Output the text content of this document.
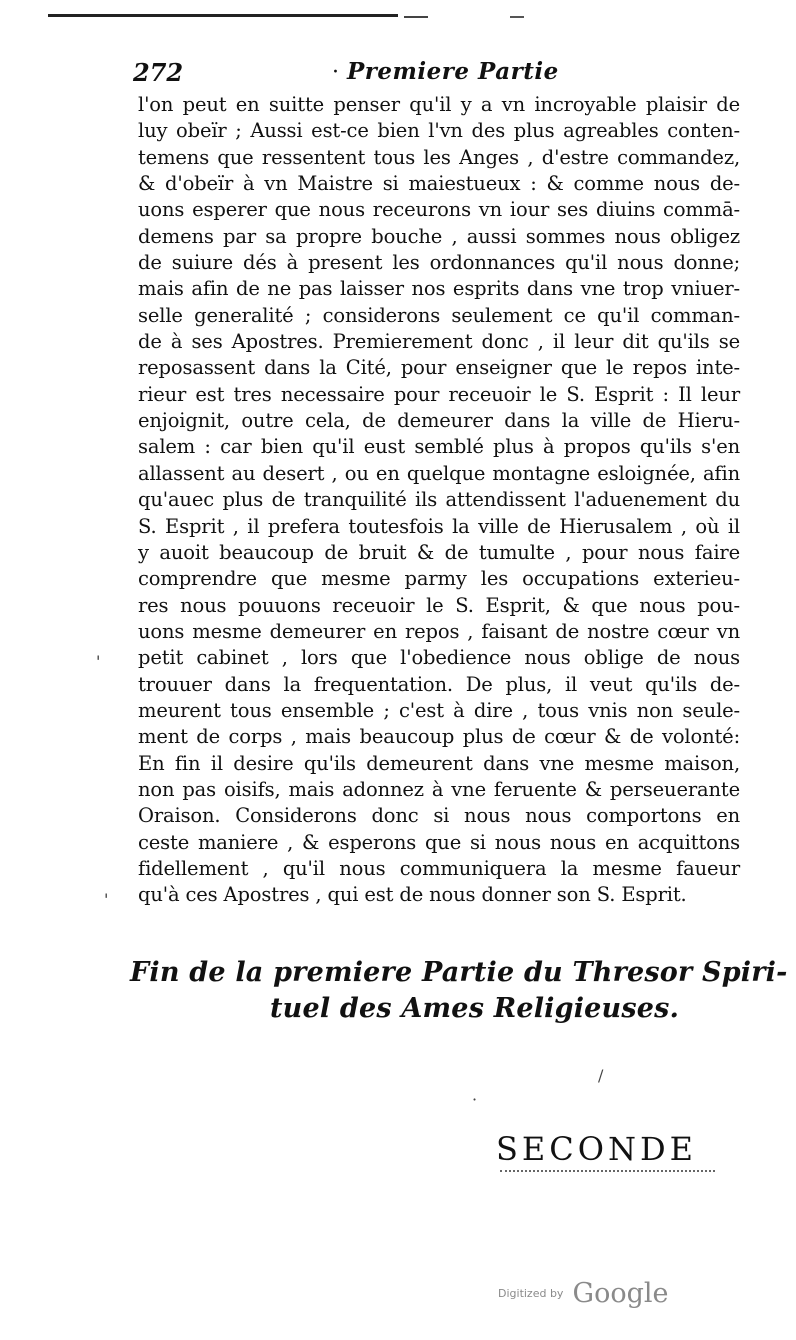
272	· Premiere Partie
l'on peut en suitte penser qu'il y a vn incroyable plaisir de
luy obeïr ; Aussi est-ce bien l'vn des plus agreables conten-
temens que ressentent tous les Anges , d'estre commandez,
& d'obeïr à vn Maistre si maiestueux : & comme nous de-
uons esperer que nous receurons vn iour ses diuins commā-
demens par sa propre bouche , aussi sommes nous obligez
de suiure dés à present les ordonnances qu'il nous donne;
mais afin de ne pas laisser nos esprits dans vne trop vniuer-
selle generalité ; considerons seulement ce qu'il comman-
de à ses Apostres. Premierement donc , il leur dit qu'ils se
reposassent dans la Cité, pour enseigner que le repos inte-
rieur est tres necessaire pour receuoir le S. Esprit : Il leur
enjoignit, outre cela, de demeurer dans la ville de Hieru-
salem : car bien qu'il eust semblé plus à propos qu'ils s'en
allassent au desert , ou en quelque montagne esloignée, afin
qu'auec plus de tranquilité ils attendissent l'aduenement du
S. Esprit , il prefera toutesfois la ville de Hierusalem , où il
y auoit beaucoup de bruit & de tumulte , pour nous faire
comprendre que mesme parmy les occupations exterieu-
res nous pouuons receuoir le S. Esprit, & que nous pou-
uons mesme demeurer en repos , faisant de nostre cœur vn
petit cabinet , lors que l'obedience nous oblige de nous
trouuer dans la frequentation. De plus, il veut qu'ils de-
meurent tous ensemble ; c'est à dire , tous vnis non seule-
ment de corps , mais beaucoup plus de cœur & de volonté:
En fin il desire qu'ils demeurent dans vne mesme maison,
non pas oisifs, mais adonnez à vne feruente & perseuerante
Oraison. Considerons donc si nous nous comportons en
ceste maniere , & esperons que si nous nous en acquittons
fidellement , qu'il nous communiquera la mesme faueur
qu'à ces Apostres , qui est de nous donner son S. Esprit.
'
'
Fin de la premiere Partie du Thresor Spiri-
tuel des Ames Religieuses.
/
·
SECONDE
Digitized by Google
